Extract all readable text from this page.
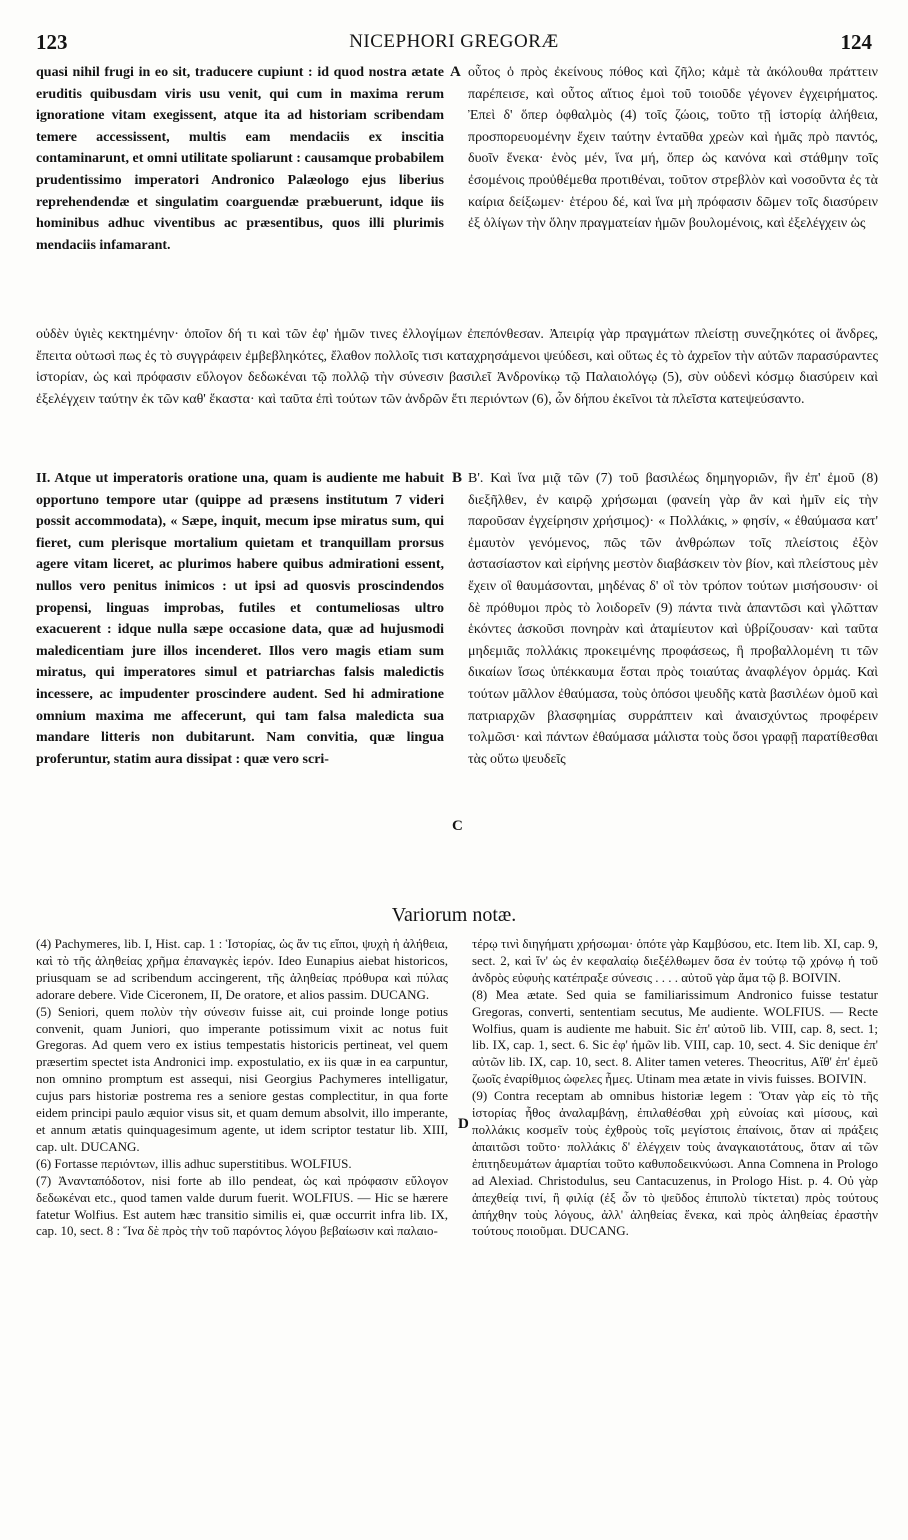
123	NICEPHORI GREGORÆ	124

quasi nihil frugi in eo sit, traducere cupiunt : id quod nostra ætate eruditis quibusdam viris usu venit, qui cum in maxima rerum ignoratione vitam exegissent, atque ita ad historiam scribendam temere accessissent, multis eam mendaciis ex inscitia contaminarunt, et omni utilitate spoliarunt : causamque probabilem prudentissimo imperatori Andronico Palæologo ejus liberius reprehendendæ et singulatim coarguendæ præbuerunt, idque iis hominibus adhuc viventibus ac præsentibus, quos illi plurimis mendaciis infamarant.

A οὗτος ὁ πρὸς ἐκείνους πόθος καὶ ζῆλο; κἀμὲ τὰ ἀκόλουθα πράττειν παρέπεισε, καὶ οὗτος αἴτιος ἐμοὶ τοῦ τοιοῦδε γέγονεν ἐγχειρήματος. Ἐπεὶ δ' ὅπερ ὀφθαλμὸς (4) τοῖς ζώοις, τοῦτο τῇ ἱστορίᾳ ἀλήθεια, προσπορευομένην ἔχειν ταύτην ἐνταῦθα χρεὼν καὶ ἡμᾶς πρὸ παντός, δυοῖν ἕνεκα· ἑνὸς μέν, ἵνα μή, ὅπερ ὡς κανόνα καὶ στάθμην τοῖς ἐσομένοις προὐθέμεθα προτιθέναι, τοῦτον στρεβλὸν καὶ νοσοῦντα ἐς τὰ καίρια δείξωμεν· ἑτέρου δέ, καὶ ἵνα μὴ πρόφασιν δῶμεν τοῖς διασύρειν ἐξ ὀλίγων τὴν ὅλην πραγματείαν ἡμῶν βουλομένοις, καὶ ἐξελέγχειν ὡς

οὐδὲν ὑγιὲς κεκτημένην· ὁποῖον δή τι καὶ τῶν ἐφ' ἡμῶν τινες ἐλλογίμων ἐπεπόνθεσαν. Ἀπειρίᾳ γὰρ πραγμάτων πλείστῃ συνεζηκότες οἱ ἄνδρες, ἔπειτα οὑτωσὶ πως ἐς τὸ συγγράφειν ἐμβεβληκότες, ἔλαθον πολλοῖς τισι καταχρησάμενοι ψεύδεσι, καὶ οὕτως ἐς τὸ ἀχρεῖον τὴν αὐτῶν παρασύραντες ἱστορίαν, ὡς καὶ πρόφασιν εὔλογον δεδωκέναι τῷ πολλῷ τὴν σύνεσιν βασιλεῖ Ἀνδρονίκῳ τῷ Παλαιολόγῳ (5), σὺν οὐδενὶ κόσμῳ διασύρειν καὶ ἐξελέγχειν ταύτην ἐκ τῶν καθ' ἕκαστα· καὶ ταῦτα ἐπὶ τούτων τῶν ἀνδρῶν ἔτι περιόντων (6), ὧν δήπου ἐκεῖνοι τὰ πλεῖστα κατεψεύσαντο.

II. Atque ut imperatoris oratione una, quam is audiente me habuit opportuno tempore utar (quippe ad præsens institutum 7 videri possit accommodata), « Sæpe, inquit, mecum ipse miratus sum, qui fieret, cum plerisque mortalium quietam et tranquillam prorsus agere vitam liceret, ac plurimos habere quibus admirationi essent, nullos vero penitus inimicos : ut ipsi ad quosvis proscindendos propensi, linguas improbas, futiles et contumeliosas ultro exacuerent : idque nulla sæpe occasione data, quæ ad hujusmodi maledicentiam jure illos incenderet. Illos vero magis etiam sum miratus, qui imperatores simul et patriarchas falsis maledictis incessere, ac impudenter proscindere audent. Sed hi admiratione omnium maxima me affecerunt, qui tam falsa maledicta sua mandare litteris non dubitarunt. Nam convitia, quæ lingua proferuntur, statim aura dissipat : quæ vero scri-

B
C

Β'. Καὶ ἵνα μιᾷ τῶν (7) τοῦ βασιλέως δημηγοριῶν, ἣν ἐπ' ἐμοῦ (8) διεξῆλθεν, ἐν καιρῷ χρήσωμαι (φανείη γὰρ ἂν καὶ ἡμῖν εἰς τὴν παροῦσαν ἐγχείρησιν χρήσιμος)· « Πολλάκις, » φησίν, « ἐθαύμασα κατ' ἐμαυτὸν γενόμενος, πῶς τῶν ἀνθρώπων τοῖς πλείστοις ἐξὸν ἀστασίαστον καὶ εἰρήνης μεστὸν διαβάσκειν τὸν βίον, καὶ πλείστους μὲν ἔχειν οἳ θαυμάσονται, μηδένας δ' οἳ τὸν τρόπον τούτων μισήσουσιν· οἱ δὲ πρόθυμοι πρὸς τὸ λοιδορεῖν (9) πάντα τινὰ ἀπαντῶσι καὶ γλῶτταν ἑκόντες ἀσκοῦσι πονηρὰν καὶ ἀταμίευτον καὶ ὑβρίζουσαν· καὶ ταῦτα μηδεμιᾶς πολλάκις προκειμένης προφάσεως, ἣ προβαλλομένη τι τῶν δικαίων ἴσως ὑπέκκαυμα ἔσται πρὸς τοιαύτας ἀναφλέγον ὁρμάς. Καὶ τούτων μᾶλλον ἐθαύμασα, τοὺς ὁπόσοι ψευδῆς κατὰ βασιλέων ὁμοῦ καὶ πατριαρχῶν βλασφημίας συρράπτειν καὶ ἀναισχύντως προφέρειν τολμῶσι· καὶ πάντων ἐθαύμασα μάλιστα τοὺς ὅσοι γραφῇ παρατίθεσθαι τὰς οὕτω ψευδεῖς

Variorum notæ.

(4) Pachymeres, lib. I, Hist. cap. 1 : Ἱστορίας, ὡς ἄν τις εἴποι, ψυχὴ ἡ ἀλήθεια, καὶ τὸ τῆς ἀληθείας χρῆμα ἐπαναγκὲς ἱερόν. Ideo Eunapius aiebat historicos, priusquam se ad scribendum accingerent, τῆς ἀληθείας πρόθυρα καὶ πύλας adorare debere. Vide Ciceronem, II, De oratore, et alios passim. DUCANG.

(5) Seniori, quem πολὺν τὴν σύνεσιν fuisse ait, cui proinde longe potius convenit, quam Juniori, quo imperante potissimum vixit ac notus fuit Gregoras. Ad quem vero ex istius tempestatis historicis pertineat, vel quem præsertim spectet ista Andronici imp. expostulatio, ex iis quæ in ea carpuntur, non omnino promptum est assequi, nisi Georgius Pachymeres intelligatur, cujus pars historiæ postrema res a seniore gestas complectitur, in qua forte eidem principi paulo æquior visus sit, et quam demum absolvit, illo imperante, et annum ætatis quinquagesimum agente, ut idem scriptor testatur lib. XIII, cap. ult. DUCANG.

(6) Fortasse περιόντων, illis adhuc superstitibus. WOLFIUS.

(7) Ἀνανταπόδοτον, nisi forte ab illo pendeat, ὡς καὶ πρόφασιν εὔλογον δεδωκέναι etc., quod tamen valde durum fuerit. WOLFIUS. — Hic se hærere fatetur Wolfius. Est autem hæc transitio similis ei, quæ occurrit infra lib. IX, cap. 10, sect. 8 : Ἵνα δὲ πρὸς τὴν τοῦ παρόντος λόγου βεβαίωσιν καὶ παλαιο-

D

τέρῳ τινὶ διηγήματι χρήσωμαι· ὁπότε γὰρ Καμβύσου, etc. Item lib. XI, cap. 9, sect. 2, καὶ ἵν' ὡς ἐν κεφαλαίῳ διεξέλθωμεν ὅσα ἐν τούτῳ τῷ χρόνῳ ἡ τοῦ ἀνδρὸς εὐφυὴς κατέπραξε σύνεσις . . . . αὐτοῦ γὰρ ἅμα τῷ β. BOIVIN.

(8) Mea ætate. Sed quia se familiarissimum Andronico fuisse testatur Gregoras, converti, sententiam secutus, Me audiente. WOLFIUS. — Recte Wolfius, quam is audiente me habuit. Sic ἐπ' αὐτοῦ lib. VIII, cap. 8, sect. 1; lib. IX, cap. 1, sect. 6. Sic ἐφ' ἡμῶν lib. VIII, cap. 10, sect. 4. Sic denique ἐπ' αὐτῶν lib. IX, cap. 10, sect. 8. Aliter tamen veteres. Theocritus, Αἴθ' ἐπ' ἐμεῦ ζωοῖς ἐναρίθμιος ὠφελες ἦμες. Utinam mea ætate in vivis fuisses. BOIVIN.

(9) Contra receptam ab omnibus historiæ legem : Ὅταν γὰρ εἰς τὸ τῆς ἱστορίας ἦθος ἀναλαμβάνῃ, ἐπιλαθέσθαι χρὴ εὐνοίας καὶ μίσους, καὶ πολλάκις κοσμεῖν τοὺς ἐχθροὺς τοῖς μεγίστοις ἐπαίνοις, ὅταν αἱ πράξεις ἀπαιτῶσι τοῦτο· πολλάκις δ' ἐλέγχειν τοὺς ἀναγκαιοτάτους, ὅταν αἱ τῶν ἐπιτηδευμάτων ἁμαρτίαι τοῦτο καθυποδεικνύωσι. Anna Comnena in Prologo ad Alexiad. Christodulus, seu Cantacuzenus, in Prologo Hist. p. 4. Οὐ γὰρ ἀπεχθείᾳ τινί, ἢ φιλίᾳ (ἐξ ὧν τὸ ψεῦδος ἐπιπολὺ τίκτεται) πρὸς τούτους ἀπήχθην τοὺς λόγους, ἀλλ' ἀληθείας ἕνεκα, καὶ πρὸς ἀληθείας ἐραστὴν τούτους ποιοῦμαι. DUCANG.
